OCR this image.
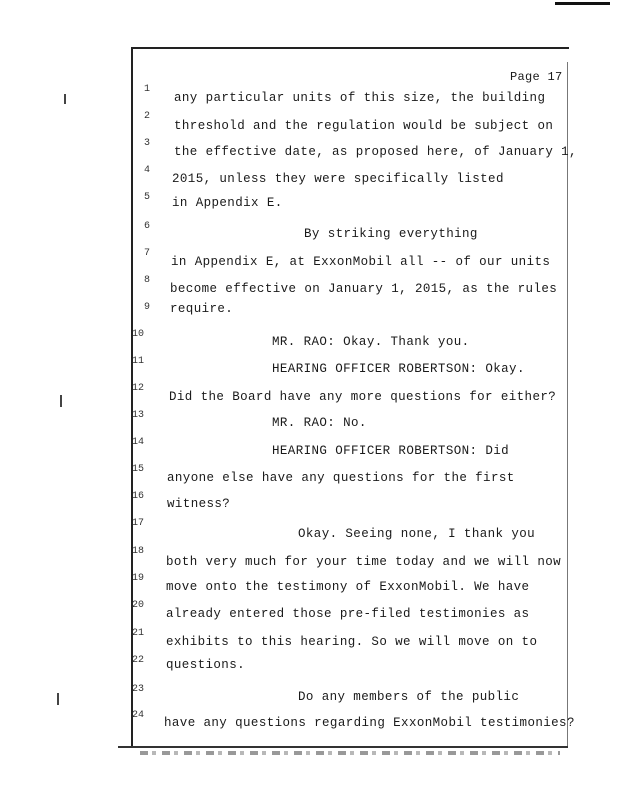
Page 17
1
any particular units of this size, the building
2
threshold and the regulation would be subject on
3
the effective date, as proposed here, of January 1,
4
2015, unless they were specifically listed
5	in Appendix E.
6
By striking everything
7
in Appendix E, at ExxonMobil all -- of our units
8
become effective on January 1, 2015, as the rules
9	require.
10
MR. RAO: Okay. Thank you.
11
HEARING OFFICER ROBERTSON: Okay.
12
Did the Board have any more questions for either?
13
MR. RAO: No.
14
HEARING OFFICER ROBERTSON: Did
15
anyone else have any questions for the first
16
witness?
17
Okay. Seeing none, I thank you
18
both very much for your time today and we will now
19
move onto the testimony of ExxonMobil. We have
20
already entered those pre-filed testimonies as
21
exhibits to this hearing. So we will move on to
22	questions.
23
Do any members of the public
24
have any questions regarding ExxonMobil testimonies?
